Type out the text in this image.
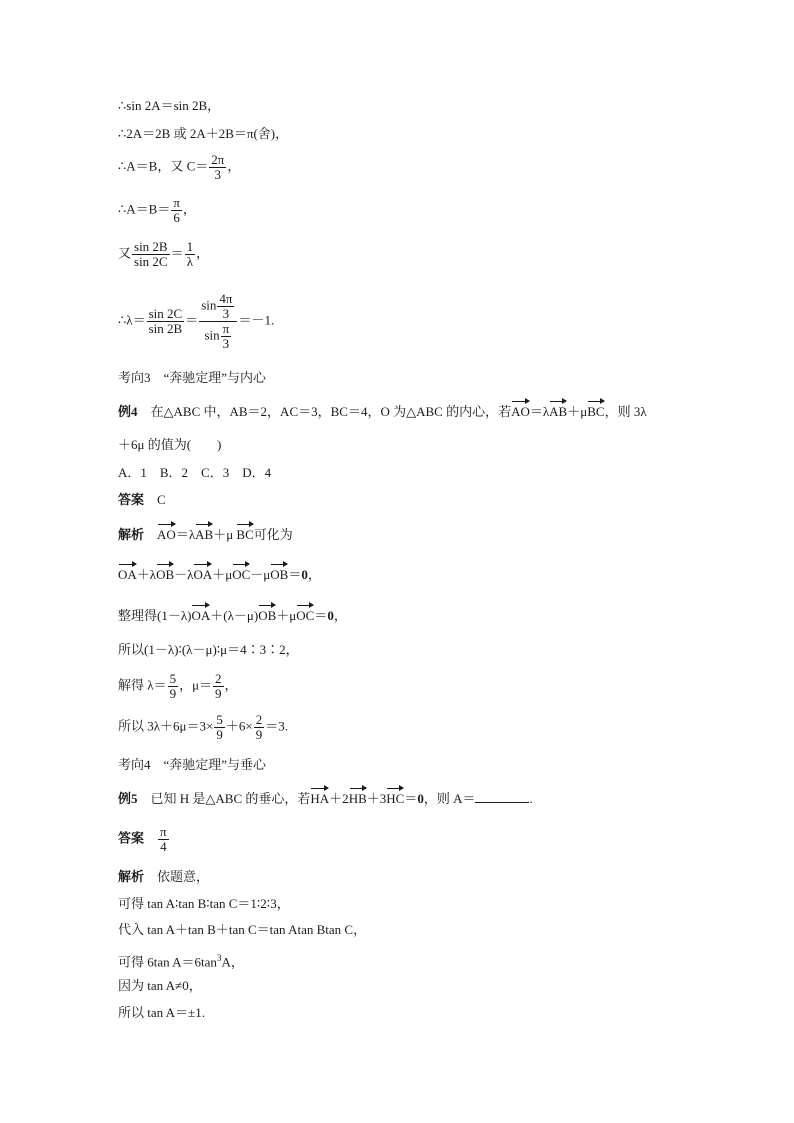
∴sin 2A＝sin 2B，
∴2A＝2B 或 2A＋2B＝π(舍)，
∴A＝B，又 $C= \frac{2\pi}{3}$ ，
∴A＝B＝ $\frac{\pi}{6}$ ，
又 $\frac{\sin 2B}{\sin 2C} = \frac{1}{\lambda}$ ，
∴λ＝ $\frac{\sin 2C}{\sin 2B} = \frac{\sin \frac{4\pi}{3}}{\sin \frac{\pi}{3}} =-1$.
考向3　“奔驰定理”与内心
例4　在△ABC 中，AB＝2，AC＝3，BC＝4，O 为△ABC 的内心，若AO＝λAB＋μBC，则 3λ
＋6μ 的值为(　　)
A．1　B．2　C．3　D．4
答案　C
解析　 AO＝λAB＋μ BC可化为
OA＋λOB－λOA＋μOC－μOB＝0，
整理得(1－λ)OA＋(λ－μ)OB＋μOC＝0，
所以(1－λ)∶(λ－μ)∶μ＝4∶3∶2，
解得 $\lambda= \frac{5}{9}$ ，$\mu= \frac{2}{9}$ ，
所以 $3\lambda+6\mu=3\times \frac{5}{9} +6\times \frac{2}{9} =3$.
考向4　“奔驰定理”与垂心
例5　已知 H 是△ABC 的垂心，若HA＋2HB＋3HC＝0，则 A＝	.
答案　 $\frac{\pi}{4}$
解析　依题意，
可得 tan A∶tan B∶tan C＝1∶2∶3，
代入 tan A＋tan B＋tan C＝tan Atan Btan C，
可得 6tan $A=6\tan^3A$，
因为 tan A≠0，
所以 tan A＝±1.
